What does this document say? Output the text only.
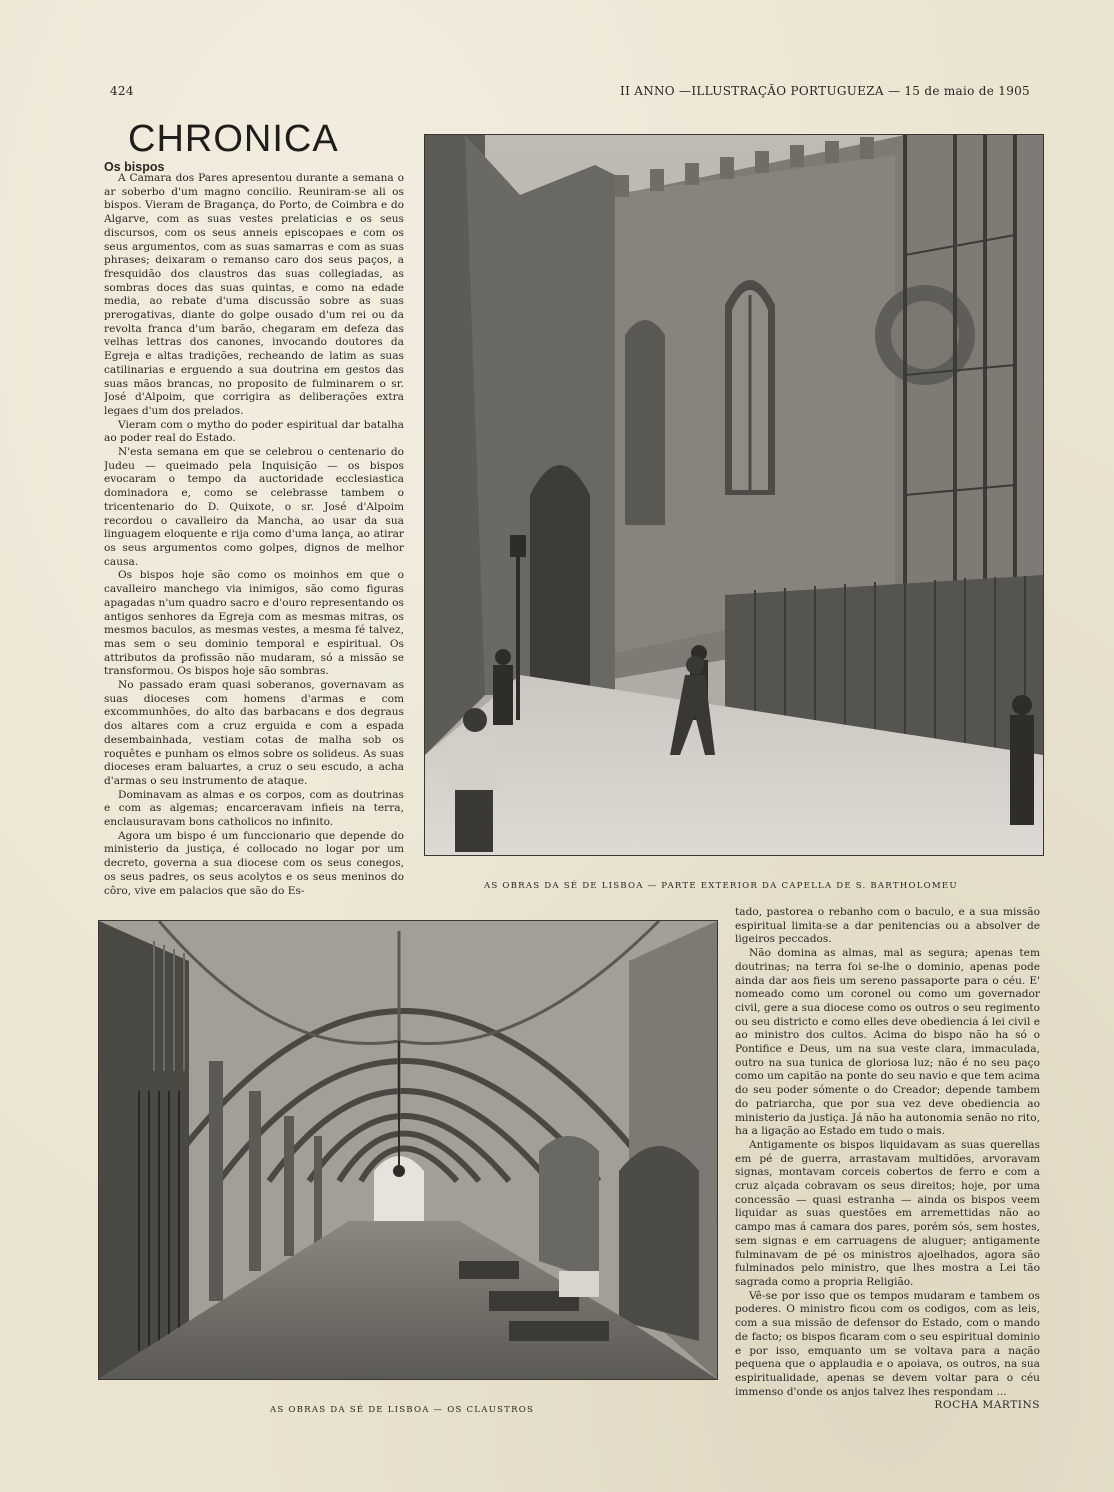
424	II ANNO —ILLUSTRAÇÃO PORTUGUEZA — 15 de maio de 1905
CHRONICA
Os bispos

A Camara dos Pares apresentou durante a semana o ar soberbo d'um magno concilio. Reuniram-se ali os bispos. Vieram de Bragança, do Porto, de Coimbra e do Algarve, com as suas vestes prelaticias e os seus discursos, com os seus anneis episcopaes e com os seus argumentos, com as suas samarras e com as suas phrases; deixaram o remanso caro dos seus paços, a fresquidão dos claustros das suas collegiadas, as sombras doces das suas quintas, e como na edade media, ao rebate d'uma discussão sobre as suas prerogativas, diante do golpe ousado d'um rei ou da revolta franca d'um barão, chegaram em defeza das velhas lettras dos canones, invocando doutores da Egreja e altas tradições, recheando de latim as suas catilinarias e erguendo a sua doutrina em gestos das suas mãos brancas, no proposito de fulminarem o sr. José d'Alpoim, que corrigira as deliberações extra legaes d'um dos prelados.

Vieram com o mytho do poder espiritual dar batalha ao poder real do Estado.

N'esta semana em que se celebrou o centenario do Judeu — queimado pela Inquisição — os bispos evocaram o tempo da auctoridade ecclesiastica dominadora e, como se celebrasse tambem o tricentenario do D. Quixote, o sr. José d'Alpoim recordou o cavalleiro da Mancha, ao usar da sua linguagem eloquente e rija como d'uma lança, ao atirar os seus argumentos como golpes, dignos de melhor causa.

Os bispos hoje são como os moinhos em que o cavalleiro manchego via inimigos, são como figuras apagadas n'um quadro sacro e d'ouro representando os antigos senhores da Egreja com as mesmas mitras, os mesmos baculos, as mesmas vestes, a mesma fé talvez, mas sem o seu dominio temporal e espiritual. Os attributos da profissão não mudaram, só a missão se transformou. Os bispos hoje são sombras.

No passado eram quasi soberanos, governavam as suas dioceses com homens d'armas e com excommunhões, do alto das barbacans e dos degraus dos altares com a cruz erguida e com a espada desembainhada, vestiam cotas de malha sob os roquêtes e punham os elmos sobre os solideus. As suas dioceses eram baluartes, a cruz o seu escudo, a acha d'armas o seu instrumento de ataque.

Dominavam as almas e os corpos, com as doutrinas e com as algemas; encarceravam infieis na terra, enclausuravam bons catholicos no infinito.

Agora um bispo é um funccionario que depende do ministerio da justiça, é collocado no logar por um decreto, governa a sua diocese com os seus conegos, os seus padres, os seus acolytos e os seus meninos do côro, vive em palacios que são do Es-	AS OBRAS DA SÉ DE LISBOA — PARTE EXTERIOR DA CAPELLA DE S. BARTHOLOMEU
AS OBRAS DA SÉ DE LISBOA — OS CLAUSTROS

tado, pastorea o rebanho com o baculo, e a sua missão espiritual limita-se a dar penitencias ou a absolver de ligeiros peccados.

Não domina as almas, mal as segura; apenas tem doutrinas; na terra foi se-lhe o dominio, apenas pode ainda dar aos fieis um sereno passaporte para o céu. E' nomeado como um coronel ou como um governador civil, gere a sua diocese como os outros o seu regimento ou seu districto e como elles deve obediencia á lei civil e ao ministro dos cultos. Acima do bispo não ha só o Pontifice e Deus, um na sua veste clara, immaculada, outro na sua tunica de gloriosa luz; não é no seu paço como um capitão na ponte do seu navio e que tem acima do seu poder sómente o do Creador; depende tambem do patriarcha, que por sua vez deve obediencia ao ministerio da justiça. Já não ha autonomia senão no rito, ha a ligação ao Estado em tudo o mais.

Antigamente os bispos liquidavam as suas querellas em pé de guerra, arrastavam multidões, arvoravam signas, montavam corceis cobertos de ferro e com a cruz alçada cobravam os seus direitos; hoje, por uma concessão — quasi estranha — ainda os bispos veem liquidar as suas questões em arremettidas não ao campo mas á camara dos pares, porém sós, sem hostes, sem signas e em carruagens de aluguer; antigamente fulminavam de pé os ministros ajoelhados, agora são fulminados pelo ministro, que lhes mostra a Lei tão sagrada como a propria Religião.

Vê-se por isso que os tempos mudaram e tambem os poderes. O ministro ficou com os codigos, com as leis, com a sua missão de defensor do Estado, com o mando de facto; os bispos ficaram com o seu espiritual dominio e por isso, emquanto um se voltava para a nação pequena que o applaudia e o apoiava, os outros, na sua espiritualidade, apenas se devem voltar para o céu immenso d'onde os anjos talvez lhes respondam ...
ROCHA MARTINS
